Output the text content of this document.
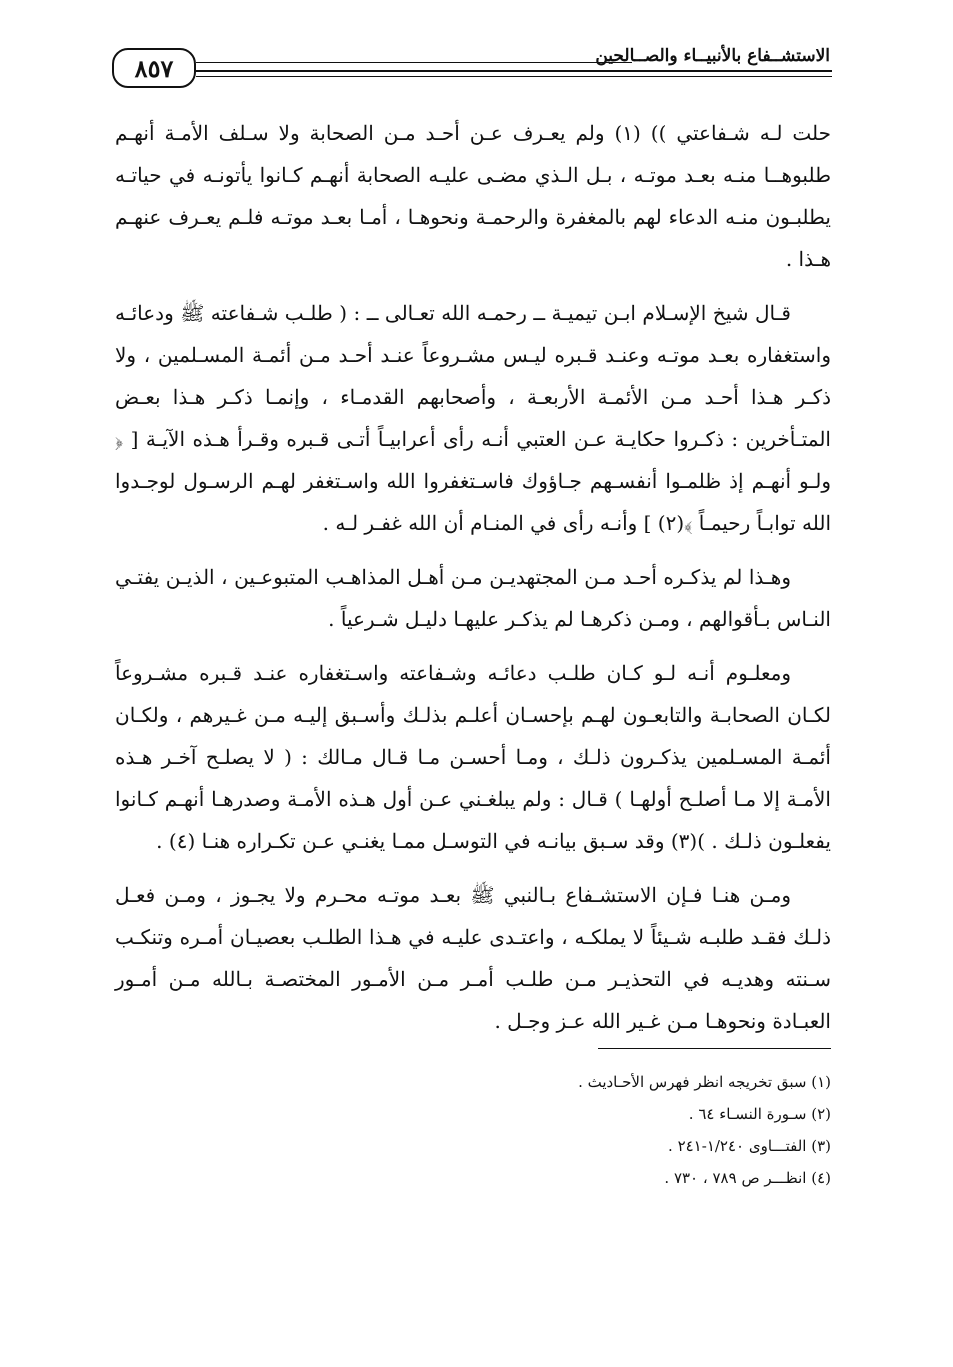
٨٥٧	الاستشــفاع بالأنبيــاء والصــالحين

حلت لـه شـفاعتي )) (١) ولم يعـرف عـن أحـد مـن الصحابة ولا سـلف الأمـة أنهـم طلبوهــا منـه بعـد موتـه ، بـل الـذي مضـى عليـه الصحابة أنهـم كـانوا يأتونـه في حياتـه يطلبـون منـه الدعاء لهم بالمغفرة والرحمـة ونحوهـا ، أمـا بعـد موتـه فلـم يعـرف عنهـم هـذا .

قـال شيخ الإسـلام ابـن تيميـة ــ رحمـه الله تعـالى ــ : ( طلـب شـفاعته ﷺ ودعائـه واستغفاره بعـد موتـه وعنـد قـبره ليـس مشـروعاً عنـد أحـد مـن أئمـة المسـلمين ، ولا ذكـر هـذا أحـد مـن الأئمـة الأربعـة ، وأصحابهم القدمـاء ، وإنمـا ذكـر هـذا بعـض المتـأخرين : ذكـروا حكايـة عـن العتبي أنـه رأى أعرابيـاً أتـى قـبره وقـرأ هـذه الآيـة [ ﴿ ولـو أنهـم إذ ظلمـوا أنفسـهم جـاؤوك فاسـتغفروا الله واسـتغفر لهـم الرسـول لوجـدوا الله توابـاً رحيمـاً ﴾(٢) ] وأنـه رأى في المنـام أن الله غفـر لـه .

وهـذا لم يذكـره أحـد مـن المجتهديـن مـن أهـل المذاهـب المتبوعـين ، الذيـن يفتـي النـاس بـأقوالهم ، ومـن ذكرهـا لم يذكـر عليهـا دليـل شـرعياً .

ومعلـوم أنـه لـو كـان طلـب دعائـه وشـفاعته واسـتغفاره عنـد قـبره مشـروعاً لكـان الصحابـة والتابعـون لهـم بإحسـان أعلـم بذلـك وأسـبق إليـه مـن غـيرهم ، ولكـان أئمـة المسـلمين يذكـرون ذلـك ، ومـا أحسـن مـا قـال مـالك : ( لا يصلـح آخـر هـذه الأمـة إلا مـا أصلـح أولهـا ) قـال : ولم يبلغـني عـن أول هـذه الأمـة وصدرهـا أنهـم كـانوا يفعلـون ذلـك . )(٣) وقد سـبق بيانـه في التوسـل ممـا يغنـي عـن تكـراره هنـا (٤) .

ومـن هنـا فـإن الاستشـفاع بـالنبي ﷺ بعـد موتـه محـرم ولا يجـوز ، ومـن فعـل ذلـك فقـد طلبـه شـيئاً لا يملكـه ، واعتـدى عليـه في هـذا الطلـب بعصيـان أمـره وتنكـب سـنته وهديـه في التحذيـر مـن طلـب أمـر مـن الأمـور المختصـة بـالله مـن أمـور العبـادة ونحوهـا مـن غـير الله عـز وجـل .

(١) سبق تخريجه انظر فهرس الأحـاديث .

(٢) سـورة النسـاء ٦٤ .

(٣) الفتـــاوى ١/٢٤٠-٢٤١ .

(٤) انظـــر ص ٧٨٩ ، ٧٣٠ .
